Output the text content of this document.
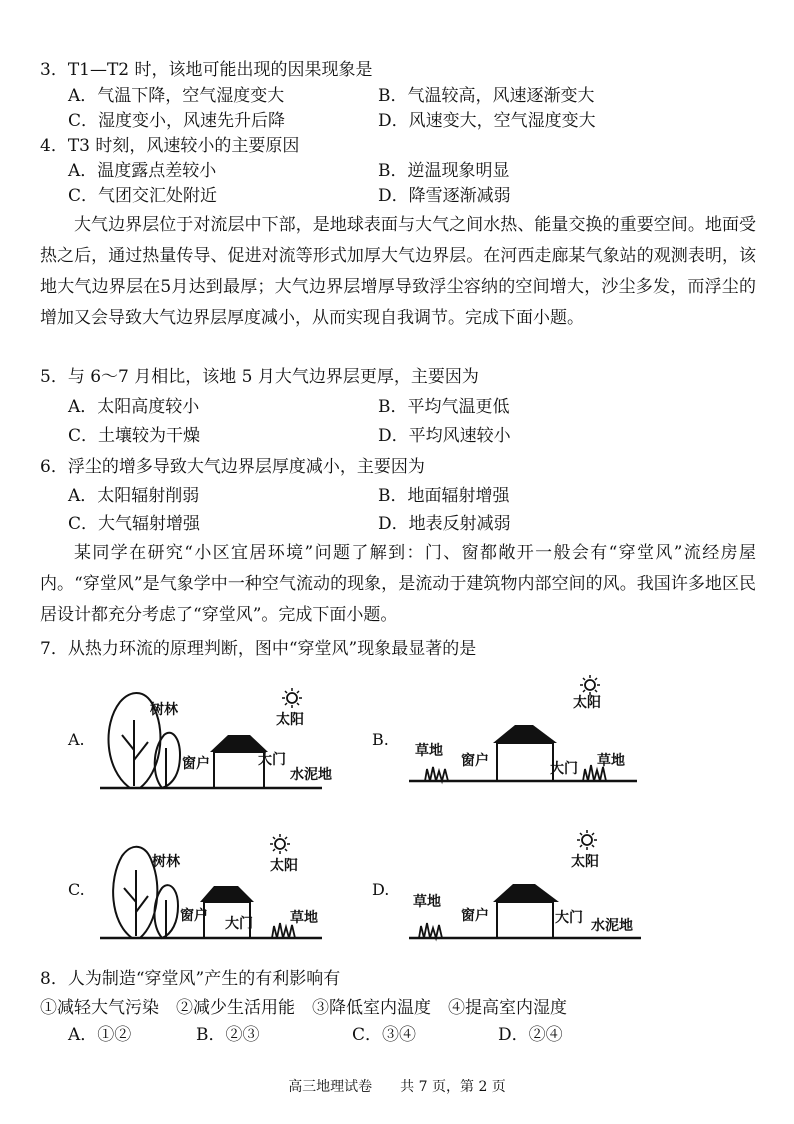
3．T1—T2 时，该地可能出现的因果现象是
A．气温下降，空气湿度变大	B．气温较高，风速逐渐变大
C．湿度变小，风速先升后降	D．风速变大，空气湿度变大
4．T3 时刻，风速较小的主要原因
A．温度露点差较小	B．逆温现象明显
C．气团交汇处附近	D．降雪逐渐减弱
大气边界层位于对流层中下部，是地球表面与大气之间水热、能量交换的重要空间。地面受热之后，通过热量传导、促进对流等形式加厚大气边界层。在河西走廊某气象站的观测表明，该地大气边界层在5月达到最厚；大气边界层增厚导致浮尘容纳的空间增大，沙尘多发，而浮尘的增加又会导致大气边界层厚度减小，从而实现自我调节。完成下面小题。
5．与 6～7 月相比，该地 5 月大气边界层更厚，主要因为
A．太阳高度较小	B．平均气温更低
C．土壤较为干燥	D．平均风速较小
6．浮尘的增多导致大气边界层厚度减小，主要因为
A．太阳辐射削弱	B．地面辐射增强
C．大气辐射增强	D．地表反射减弱
某同学在研究“小区宜居环境”问题了解到：门、窗都敞开一般会有“穿堂风”流经房屋内。“穿堂风”是气象学中一种空气流动的现象，是流动于建筑物内部空间的风。我国许多地区民居设计都充分考虑了“穿堂风”。完成下面小题。
7．从热力环流的原理判断，图中“穿堂风”现象最显著的是
A.
树林
窗户	大门
太阳
水泥地
B.
草地
窗户	大门
太阳
草地
C.
树林
窗户 大门
太阳
草地
D.
草地
窗户	大门
太阳
水泥地
8．人为制造“穿堂风”产生的有利影响有
①减轻大气污染　②减少生活用能　③降低室内温度　④提高室内湿度
A．①②	B．②③	C．③④	D．②④
高三地理试卷　　共 7 页，第 2 页
